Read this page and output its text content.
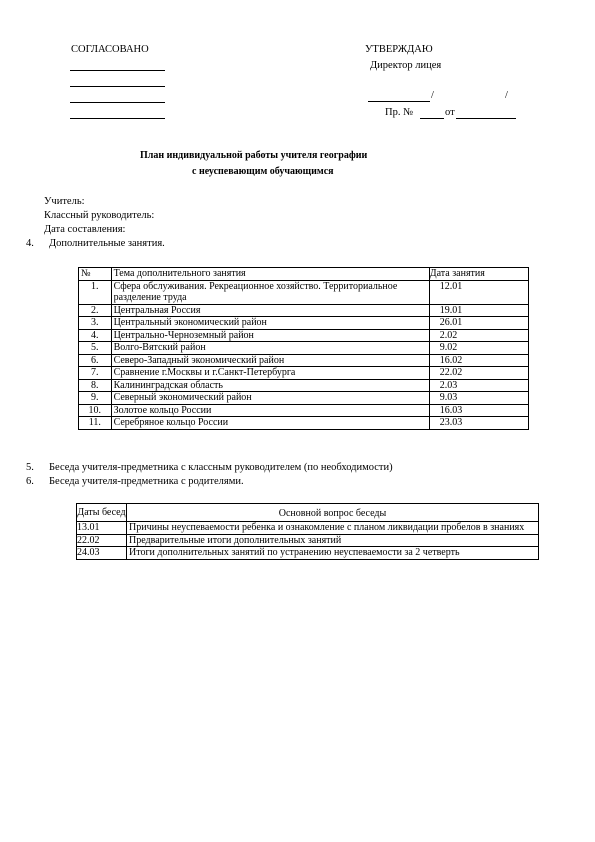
СОГЛАСОВАНО	УТВЕРЖДАЮ
Директор лицея
/	/
Пр. №	от
План индивидуальной работы учителя географии
с неуспевающим обучающимся
Учитель:
Класcный руководитель:
Дата составления:
4. Дополнительные занятия.
№	Тема дополнительного занятия	Дата занятия
1.	Сфера обслуживания. Рекреационное хозяйство. Территориальное разделение труда	12.01
2.	Центральная Россия	19.01
3.	Центральный экономический район	26.01
4.	Центрально-Черноземный район	2.02
5.	Волго-Вятский район	9.02
6.	Северо-Западный экономический район	16.02
7.	Сравнение г.Москвы и г.Санкт-Петербурга	22.02
8.	Калининградская область	2.03
9.	Северный экономический район	9.03
10.	Золотое кольцо России	16.03
11.	Серебряное кольцо России	23.03
5. Беседа учителя-предметника с классным руководителем (по необходимости)
6. Беседа учителя-предметника с родителями.
Даты бесед	Основной вопрос беседы
13.01	Причины неуспеваемости ребенка и ознакомление с планом ликвидации пробелов в знаниях
22.02	Предварительные итоги дополнительных занятий
24.03	Итоги дополнительных занятий по устранению неуспеваемости за 2 четверть
